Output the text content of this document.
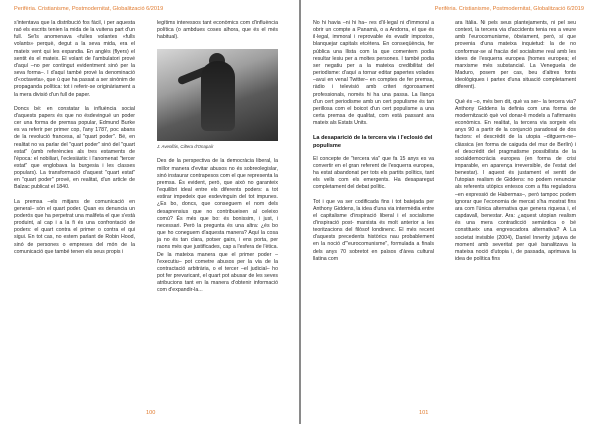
Perifèria. Cristianisme, Postmodernitat, Globalització 6/2019

s'intentava que la distribució fos fàcil, i per aquesta raó els escrits tenien la mida de la vuitena part d'un full. Se'ls anomenava «fulles volantes «fulls volants» perquè, degut a la seva mida, era el mateix vent qui les expandia. En anglès (flyers) el sentit és el mateix. El volant de l'ambulatori prové d'aquí –no per contingut evidentment sinó per la seva forma–. I d'aquí també prové la denominació d'«octaveta», que ú que ha passat a ser sinònim de propaganda política: tot i referir-se originàriament a la mera divisió d'un full de paper.

Doncs bé: en constatar la influència social d'aquests papers és que no ésdevingué un poder cer una forma de premsa popular, Edmund Burke es va referir per primer cop, l'any 1787, poc abans de la revolució francesa, al "quart poder". Bé, en realitat no va parlar del "quart poder" sinó del "quart estat" (amb referències als tres estaments de l'època: el nobiliari, l'eclesiàstic i l'anomenat "tercer estat" que englobava la burgesia i les classes populars). La transformació d'aquest "quart estat" en "quart poder" prové, en realitat, d'un article de Balzac publicat el 1840.

La premsa –els mitjans de comunicació en general– són el quart poder. Quan es denuncia un poderós que ha perpetrat una malifeta el que s'està produint, al cap i a la fi és una confrontació de poders: el quart contra el primer o contra el qui sigui. En tot cas, no estem parlant de Robin Hood, sinó de persones o empreses del món de la comunicació que també tenen els seus propis i

legítims interessos tant econòmics com d'influència política (o ambdues coses alhora, que és el més habitual).

J. Avenllás, Ciltera d'Onapaír

Des de la perspectiva de la democràcia liberal, la millor manera d'evitar abusos no és sobreolegislar, sinó instaurar contrapesos com el que representa la premsa. És evident, però, que això no garanteix l'equilibri ideal entre els diferents poders: a tot estirar impedeix que esdevinguin del tot impunes. ¿Es bo, doncs, que conseguem el nom dels desaprensius que no contribueixen al celeixo comú? És més que bo: és bonissim, i just, i necessari. Però la pregunta és una altra: ¿és bo que ho coneguem d'aquesta manera? Aquí la cosa ja no és tan clara, potser gairs, i ens porta, per raons més que justificades, cap a l'esfera de l'ètica. De la mateixa manera que el primer poder –l'executiu– pot cometre abusos per la via de la contractació arbitrària, o el tercer –el judicial– ho pot fer prevaricant, el quart pot abusar de les seves atribucions tant en la manera d'obtenir informació com d'expandir-la...

100
Perifèria. Cristianisme, Postmodernitat, Globalització 6/2019

No hi havia –ni hi ha– res d'il·legal ni d'immoral a obrir un compte a Panamà, o a Andorra, el que és il·legal, immoral i reprovable és evadir impostos, blanquejar capitals etcètera. En conseqüència, fer pública una llista com la que comentem podia resultar lesiu per a moltes persones. I també podia ser negatiu per a la mateixa credibilitat del periodisme: d'aquí a tornar editar papertes volades –avui en venal Twitter– en comptes de fer premsa, ràdio i televisió amb criteri rigorosament professionals, només hi ha una passa. La llança d'un cert periodisme amb un cert populisme és tan perillosa com el boicot d'un cert populisme a una certa premsa de qualitat, com està passant ara mateix als Estats Units.

La desaparició de la tercera via i l'eclosió del populisme

El concepte de "tercera via" que fa 15 anys es va convertir en el gran referent de l'esquerra europea, ha estat abandonat per tots els partits polítics, tant els vells com els emergents. Ha desaparegut completament del debat polític.

Tot i que va ser codificada fins i tot batejada per Anthony Giddens, la idea d'una via intermèdia entre el capitalisme d'inspiració liberal i el socialisme d'inspiració post- marxista és molt anterior a les teoritzacions del filòsof londinenc. El més recent d'aquests precedents històrics nau probablement en la noció d'"eurocomunisme", formulada a finals dels anys 70 sobretot en països d'àrea cultural llatina com

ara Itàlia. Ni pels seus plantejaments, ni pel seu context, la tercera via d'accidents tenia res a veure amb l'eurocomunisme, òbviament, però, sí que provenia d'una mateixa inquietud: la de no conformar-se al fracàs del socialisme real amb les idees de l'esquerra europea (homes europea; el marxisme més substancial. La Veneguela de Maduro, posem per cas, beu d'altres fonts ideològiques i partex d'una situació completament diferent).

Què és –o, més ben dit, què va ser– la tercera via? Anthony Giddens la definia com una forma de modernització què vol donar-li models a l'afirmarès econòmics. En realitat, la tercera via sorgeix els anys 90 a partir de la conjunció paradoxal de dos factors: el descrèdit de la utopia –ditguem-ne– clàssica (en forma de caiguda del mur de Berlín) i el descrèdit del pragmatisme possibilista de la socialdemocràcia europea (en forma de crisi imparable, en aparença irreversible, de l'estat del benestar). I aquest és justament el sentit de l'utopian realism de Giddens: no podem renunciar als referents utòpics entesos com a fita reguladora –en expressió de Habermas–, però tampoc podem ignorar que l'economia de mercat s'ha mostrat fins ara com l'única alternativa que genera riquesa i, el capdavall, benestar. Ara: ¿aquest utopian realism és una mera contradicció semàntica o bé constitueix una engrescadora alternativa? A La societat invisible (2004), Daniel Innerity jutjava de moment amb severitat per qué banalitzava la mateixa noció d'utopia i, de passada, aprimava la idea de política fins

101
